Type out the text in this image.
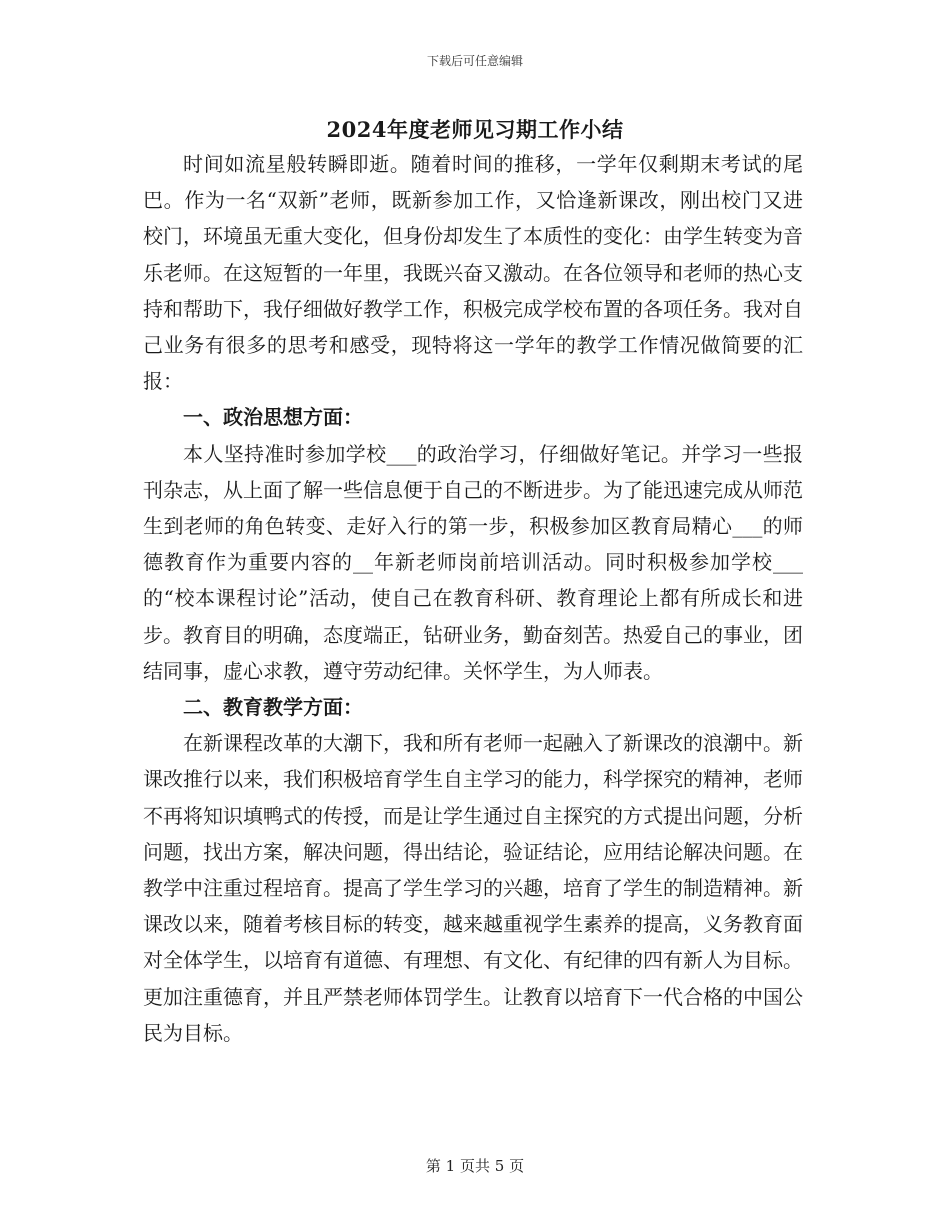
下载后可任意编辑
2024年度老师见习期工作小结

时间如流星般转瞬即逝。随着时间的推移，一学年仅剩期末考试的尾巴。作为一名“双新”老师，既新参加工作，又恰逢新课改，刚出校门又进校门，环境虽无重大变化，但身份却发生了本质性的变化：由学生转变为音乐老师。在这短暂的一年里，我既兴奋又激动。在各位领导和老师的热心支持和帮助下，我仔细做好教学工作，积极完成学校布置的各项任务。我对自己业务有很多的思考和感受，现特将这一学年的教学工作情况做简要的汇报：

一、政治思想方面：

本人坚持准时参加学校___的政治学习，仔细做好笔记。并学习一些报刊杂志，从上面了解一些信息便于自己的不断进步。为了能迅速完成从师范生到老师的角色转变、走好入行的第一步，积极参加区教育局精心___的师德教育作为重要内容的__年新老师岗前培训活动。同时积极参加学校___的“校本课程讨论”活动，使自己在教育科研、教育理论上都有所成长和进步。教育目的明确，态度端正，钻研业务，勤奋刻苦。热爱自己的事业，团结同事，虚心求教，遵守劳动纪律。关怀学生，为人师表。

二、教育教学方面：

在新课程改革的大潮下，我和所有老师一起融入了新课改的浪潮中。新课改推行以来，我们积极培育学生自主学习的能力，科学探究的精神，老师不再将知识填鸭式的传授，而是让学生通过自主探究的方式提出问题，分析问题，找出方案，解决问题，得出结论，验证结论，应用结论解决问题。在教学中注重过程培育。提高了学生学习的兴趣，培育了学生的制造精神。新课改以来，随着考核目标的转变，越来越重视学生素养的提高，义务教育面对全体学生，以培育有道德、有理想、有文化、有纪律的四有新人为目标。更加注重德育，并且严禁老师体罚学生。让教育以培育下一代合格的中国公民为目标。

第 1 页共 5 页
